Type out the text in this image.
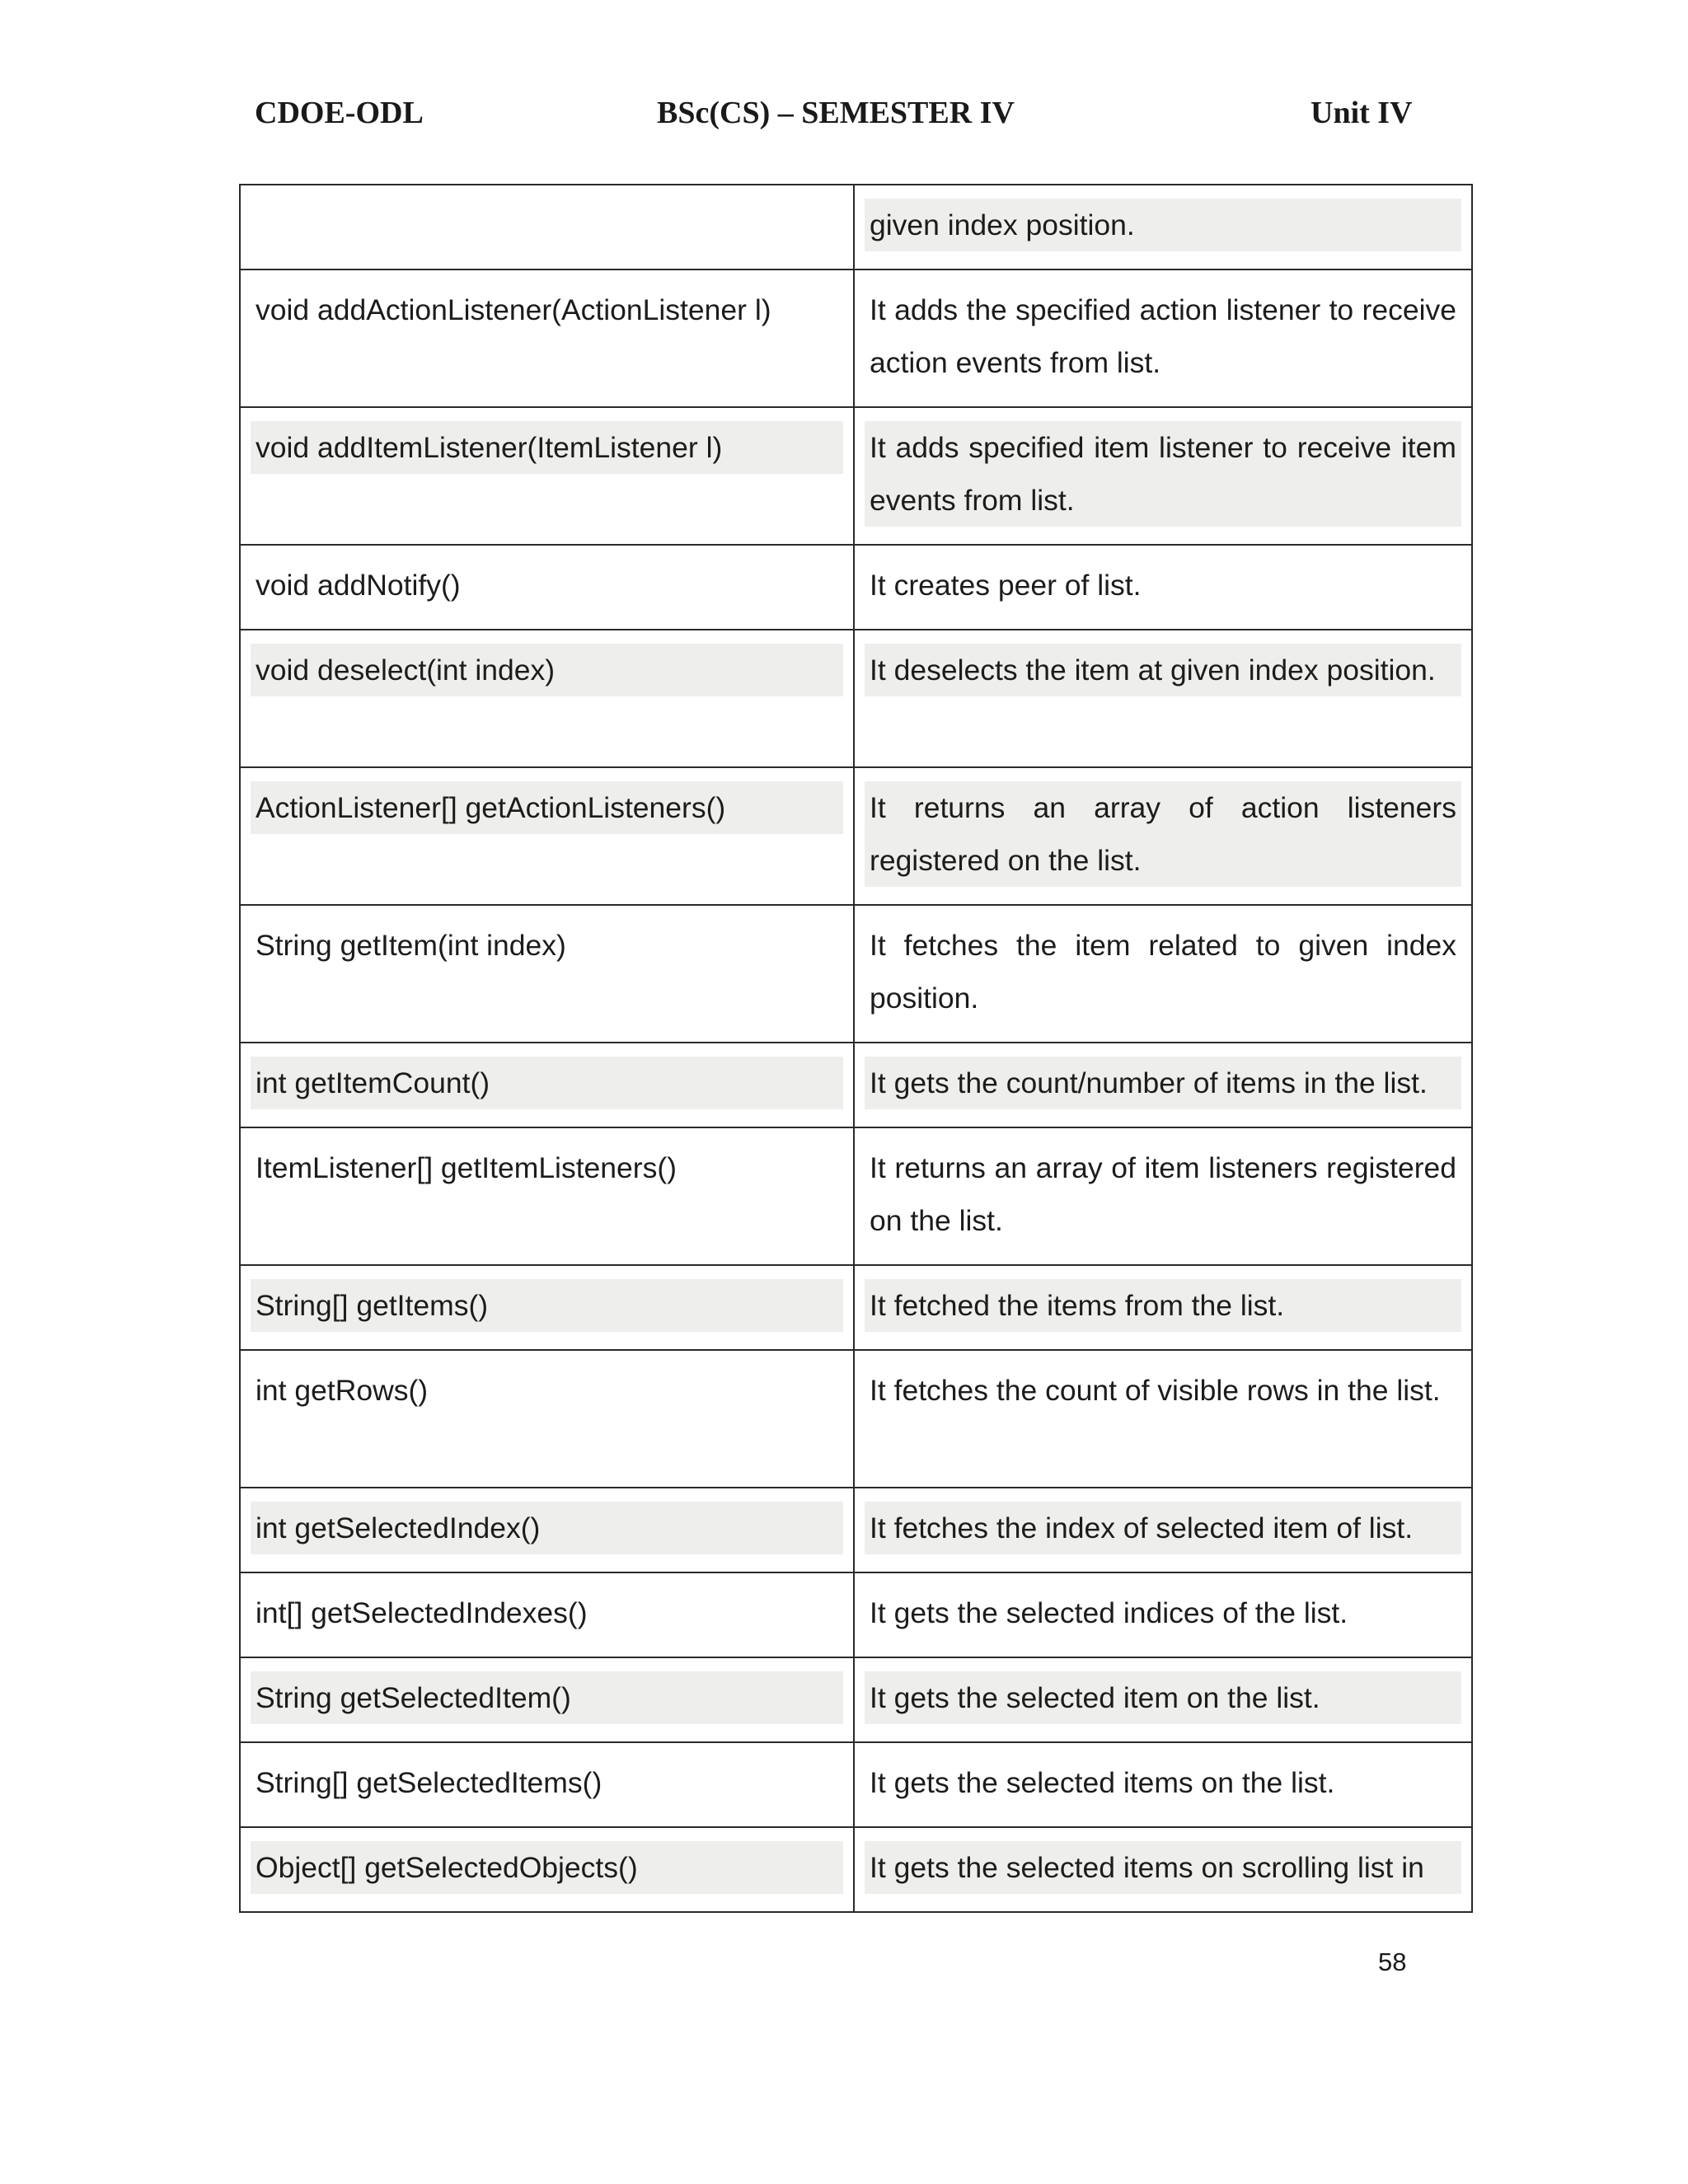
CDOE-ODL	BSc(CS) – SEMESTER IV	Unit IV

	given index position.

void addActionListener(ActionListener l)	It adds the specified action listener to receive action events from list.

void addItemListener(ItemListener l)	It adds specified item listener to receive item events from list.

void addNotify()	It creates peer of list.

void deselect(int index)	It deselects the item at given index position.

ActionListener[] getActionListeners()	It returns an array of action listeners registered on the list.

String getItem(int index)	It fetches the item related to given index position.

int getItemCount()	It gets the count/number of items in the list.

ItemListener[] getItemListeners()	It returns an array of item listeners registered on the list.

String[] getItems()	It fetched the items from the list.

int getRows()	It fetches the count of visible rows in the list.

int getSelectedIndex()	It fetches the index of selected item of list.

int[] getSelectedIndexes()	It gets the selected indices of the list.

String getSelectedItem()	It gets the selected item on the list.

String[] getSelectedItems()	It gets the selected items on the list.

Object[] getSelectedObjects()	It gets the selected items on scrolling list in
58
